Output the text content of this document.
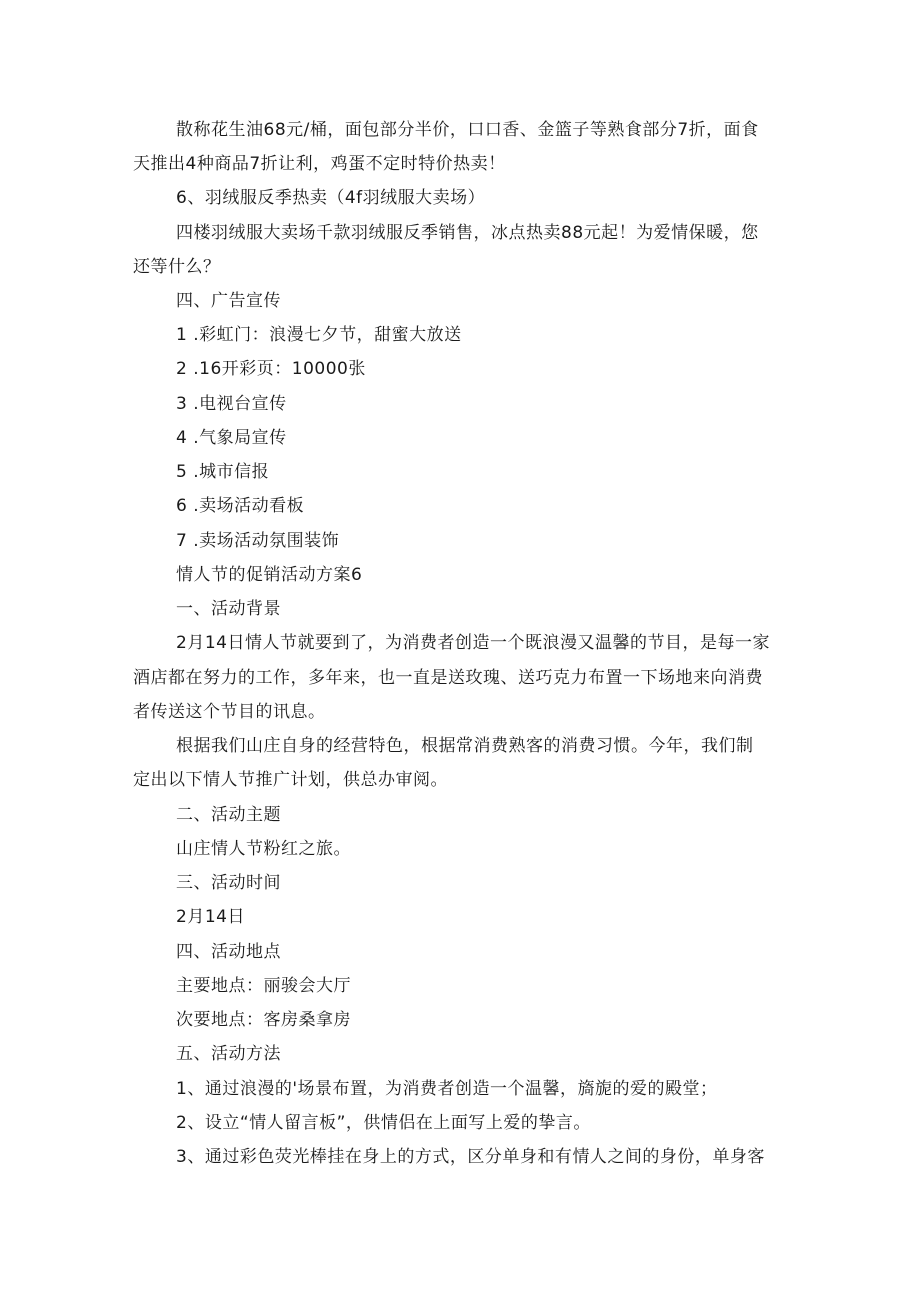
散称花生油68元/桶，面包部分半价，口口香、金篮子等熟食部分7折，面食
天推出4种商品7折让利，鸡蛋不定时特价热卖！
6、羽绒服反季热卖（4f羽绒服大卖场）
四楼羽绒服大卖场千款羽绒服反季销售，冰点热卖88元起！为爱情保暖，您
还等什么？
四、广告宣传
1 .彩虹门：浪漫七夕节，甜蜜大放送
2 .16开彩页：10000张
3 .电视台宣传
4 .气象局宣传
5 .城市信报
6 .卖场活动看板
7 .卖场活动氛围装饰
情人节的促销活动方案6
一、活动背景
2月14日情人节就要到了，为消费者创造一个既浪漫又温馨的节目，是每一家
酒店都在努力的工作，多年来，也一直是送玫瑰、送巧克力布置一下场地来向消费
者传送这个节目的讯息。
根据我们山庄自身的经营特色，根据常消费熟客的消费习惯。今年，我们制
定出以下情人节推广计划，供总办审阅。
二、活动主题
山庄情人节粉红之旅。
三、活动时间
2月14日
四、活动地点
主要地点：丽骏会大厅
次要地点：客房桑拿房
五、活动方法
1、通过浪漫的'场景布置，为消费者创造一个温馨，旖旎的爱的殿堂；
2、设立“情人留言板”，供情侣在上面写上爱的挚言。
3、通过彩色荧光棒挂在身上的方式，区分单身和有情人之间的身份，单身客
